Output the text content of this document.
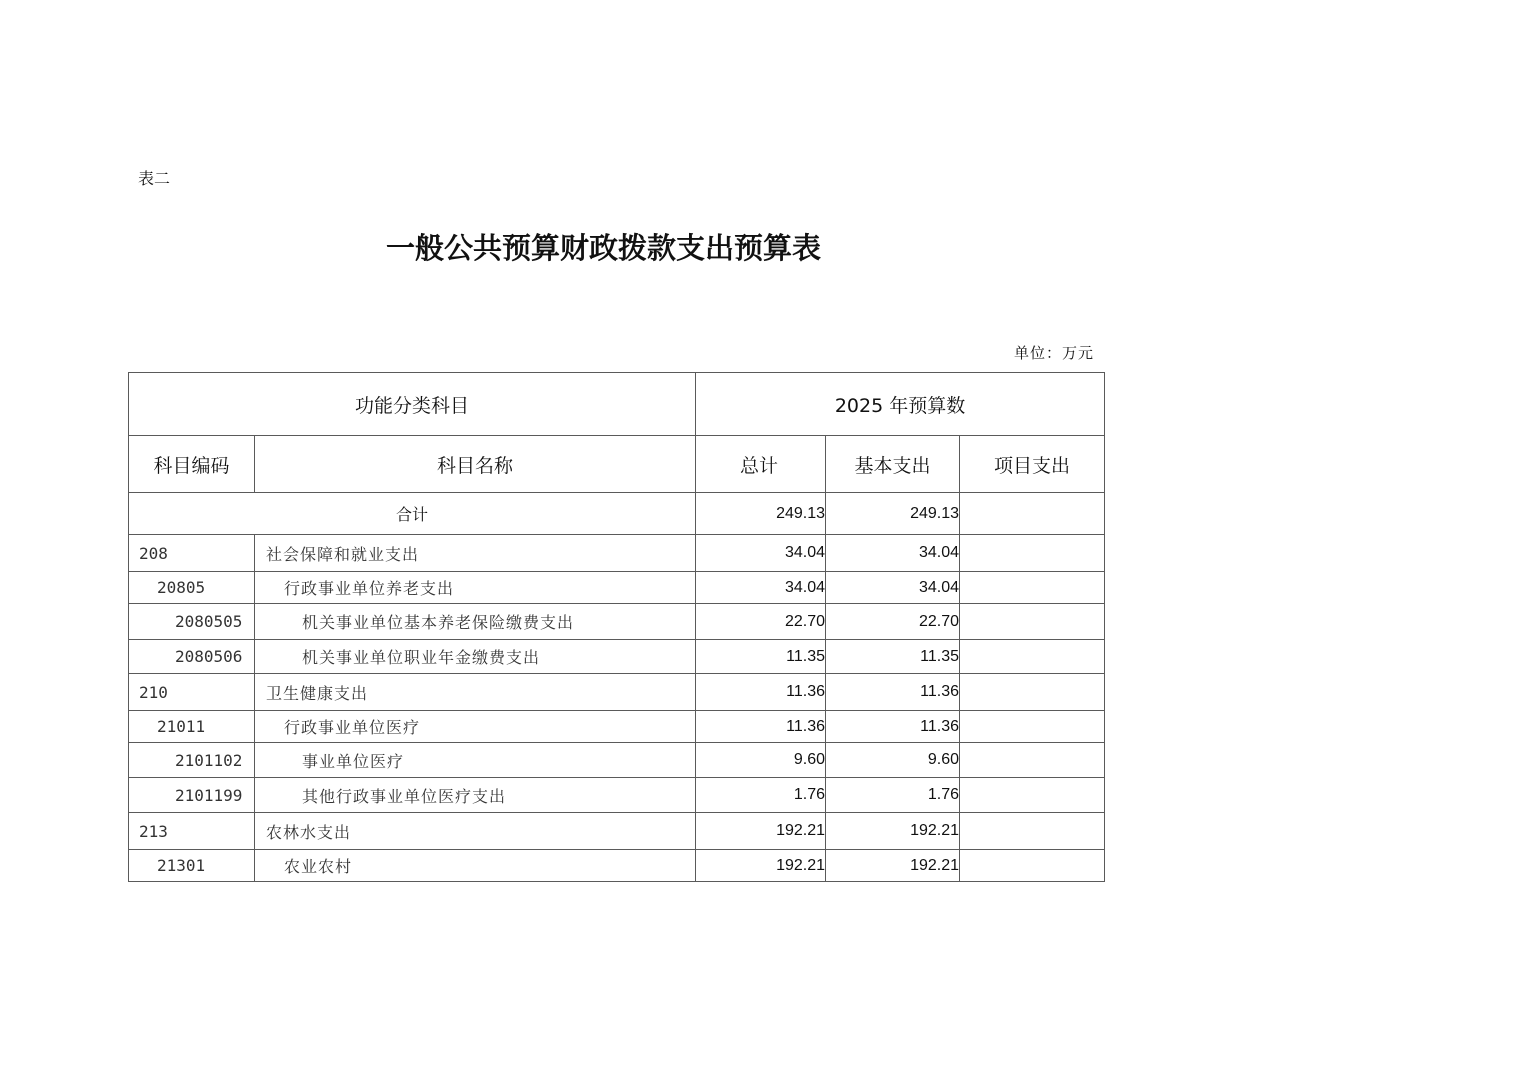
表二
一般公共预算财政拨款支出预算表
单位：万元
功能分类科目		2025 年预算数		
科目编码	科目名称	总计	基本支出	项目支出
合计		249.13	249.13	
208	社会保障和就业支出	34.04	34.04	
20805	行政事业单位养老支出	34.04	34.04	
2080505	机关事业单位基本养老保险缴费支出	22.70	22.70	
2080506	机关事业单位职业年金缴费支出	11.35	11.35	
210	卫生健康支出	11.36	11.36	
21011	行政事业单位医疗	11.36	11.36	
2101102	事业单位医疗	9.60	9.60	
2101199	其他行政事业单位医疗支出	1.76	1.76	
213	农林水支出	192.21	192.21	
21301	农业农村	192.21	192.21	
